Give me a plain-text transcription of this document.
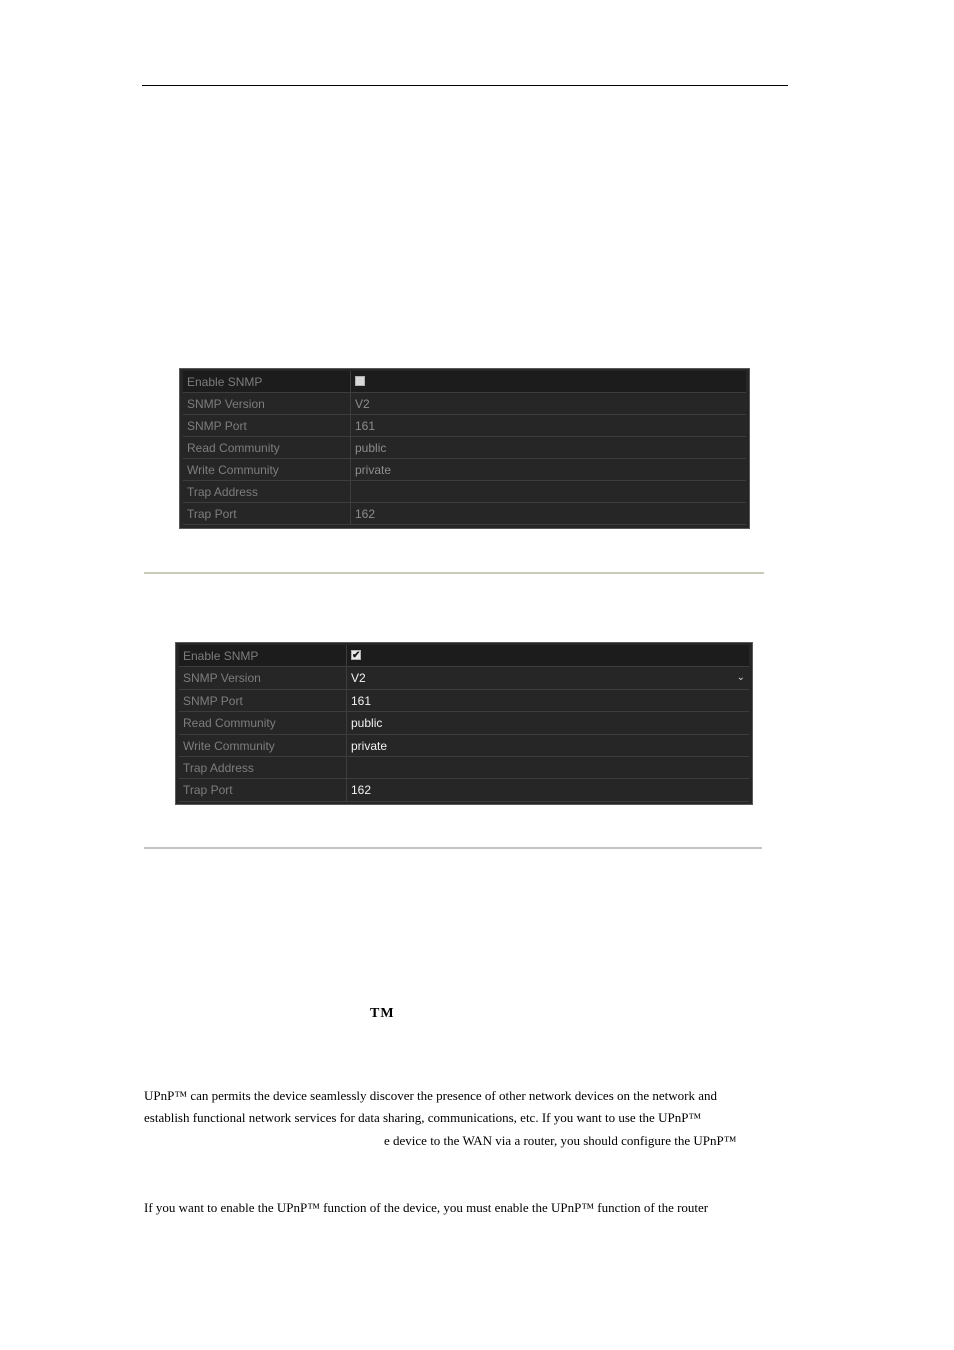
Enable SNMP
SNMP Version	V2
SNMP Port	161
Read Community	public
Write Community	private
Trap Address
Trap Port	162
Enable SNMP	✔
SNMP Version	V2	⌄
SNMP Port	161
Read Community	public
Write Community	private
Trap Address
Trap Port	162
TM
UPnP™ can permits the device seamlessly discover the presence of other network devices on the network and
establish functional network services for data sharing, communications, etc. If you want to use the UPnP™
e device to the WAN via a router, you should configure the UPnP™
If you want to enable the UPnP™ function of the device, you must enable the UPnP™ function of the router
